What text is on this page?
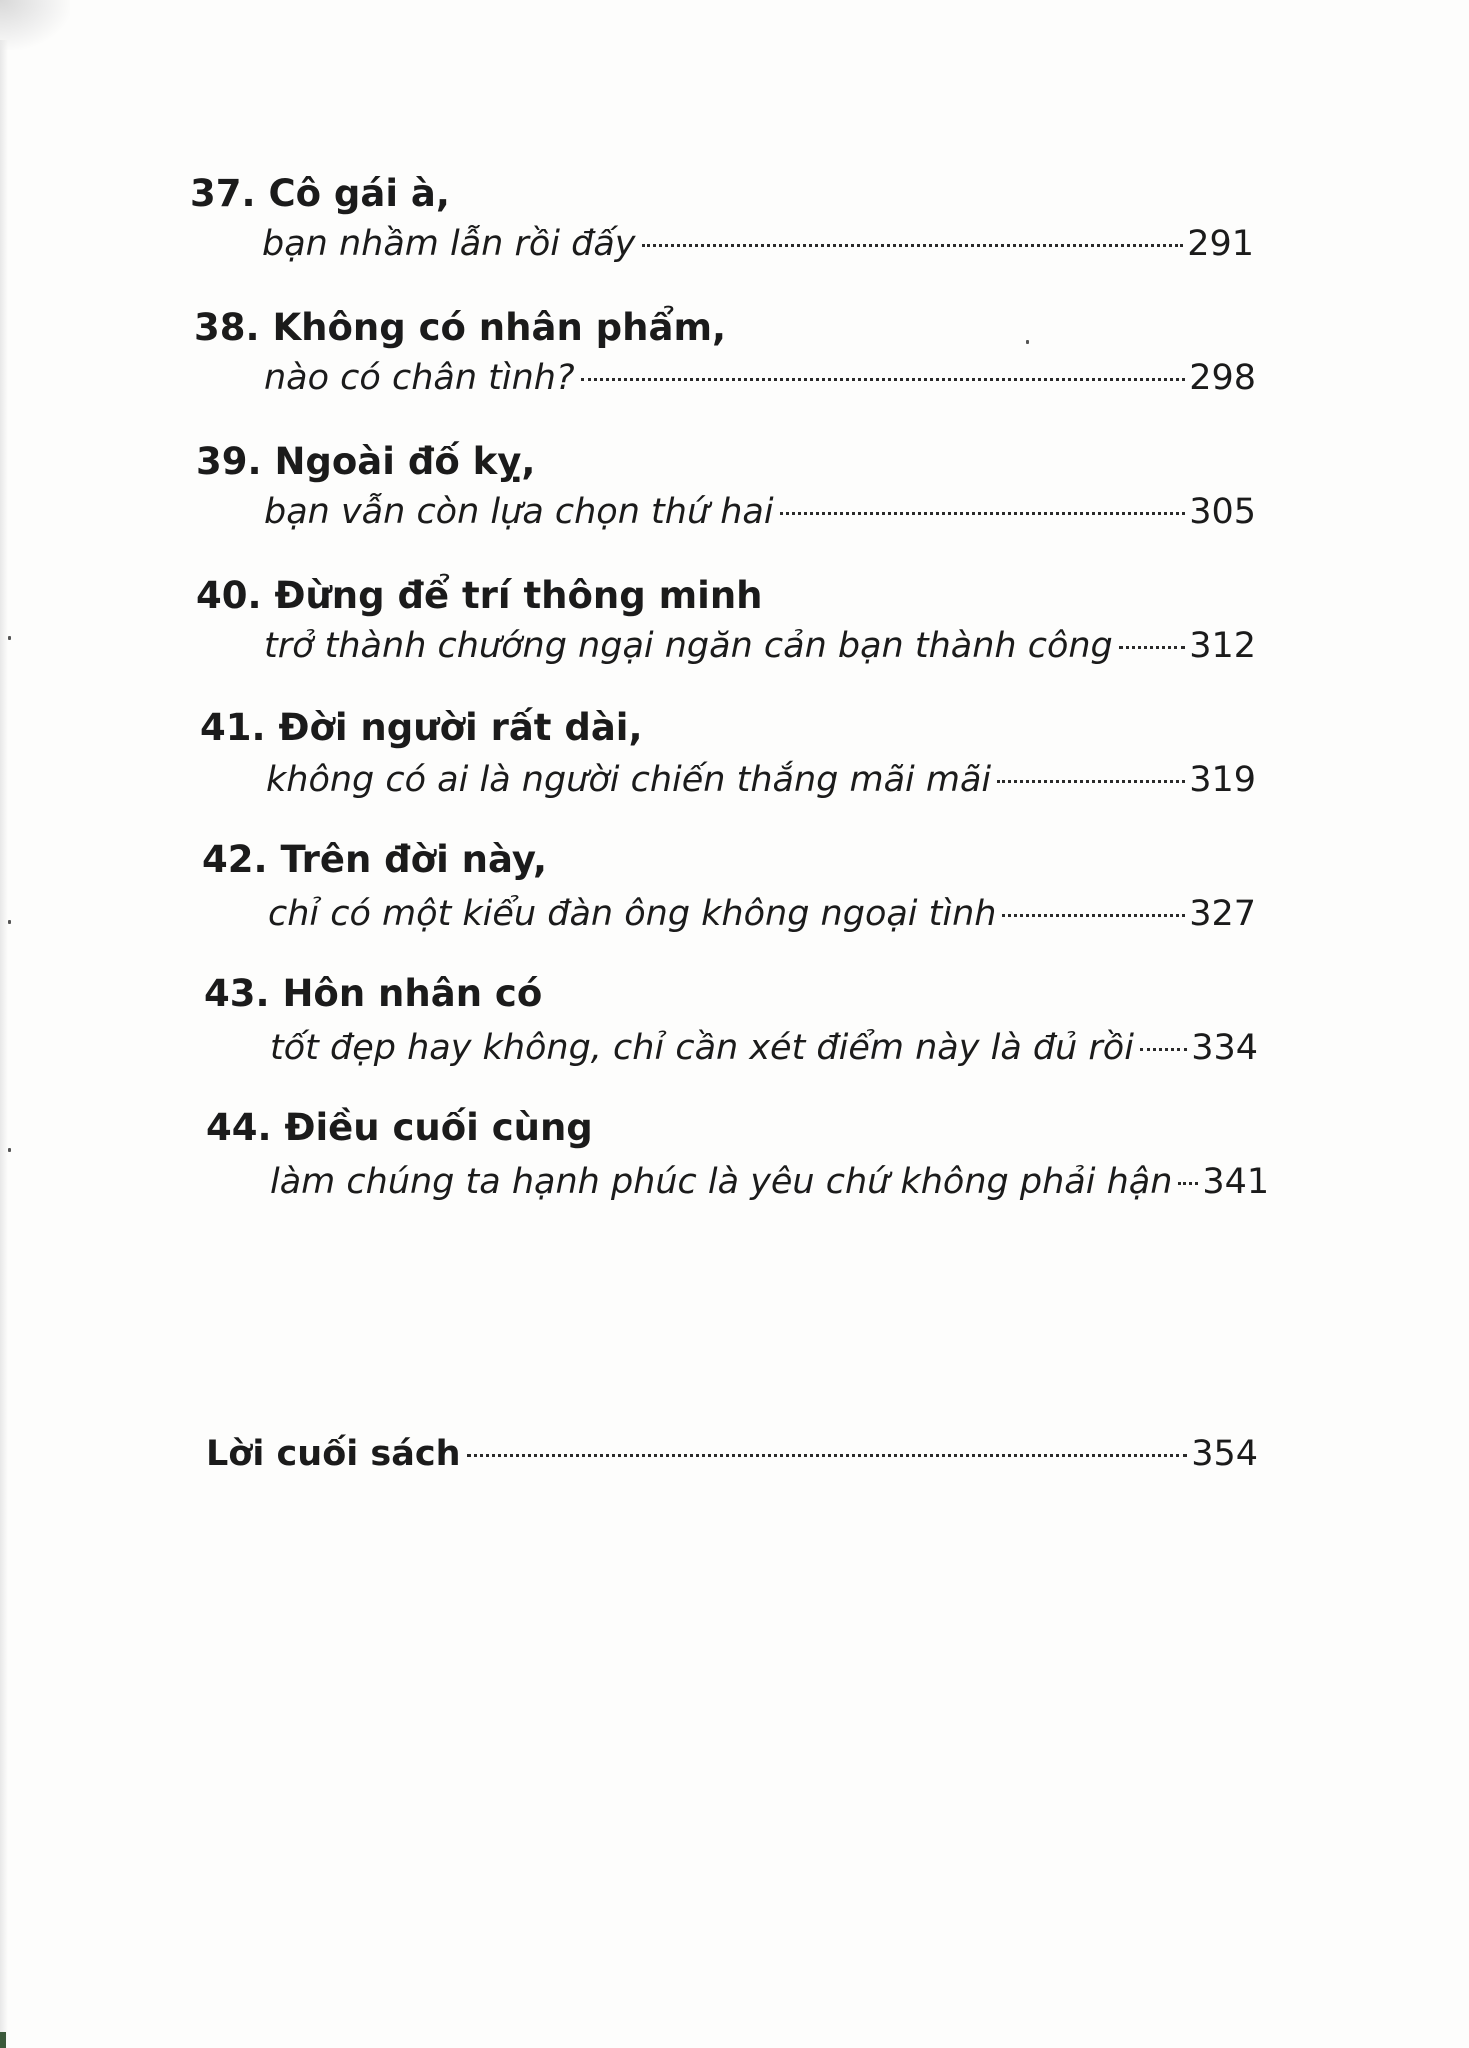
37. Cô gái à,
bạn nhầm lẫn rồi đấy	291
38. Không có nhân phẩm,
nào có chân tình?	298
39. Ngoài đố kỵ,
bạn vẫn còn lựa chọn thứ hai	305
40. Đừng để trí thông minh
trở thành chướng ngại ngăn cản bạn thành công 312
41. Đời người rất dài,
không có ai là người chiến thắng mãi mãi	319
42. Trên đời này,
chỉ có một kiểu đàn ông không ngoại tình	327
43. Hôn nhân có
tốt đẹp hay không, chỉ cần xét điểm này là đủ rồi 334
44. Điều cuối cùng
làm chúng ta hạnh phúc là yêu chứ không phải hận 341
Lời cuối sách	354
